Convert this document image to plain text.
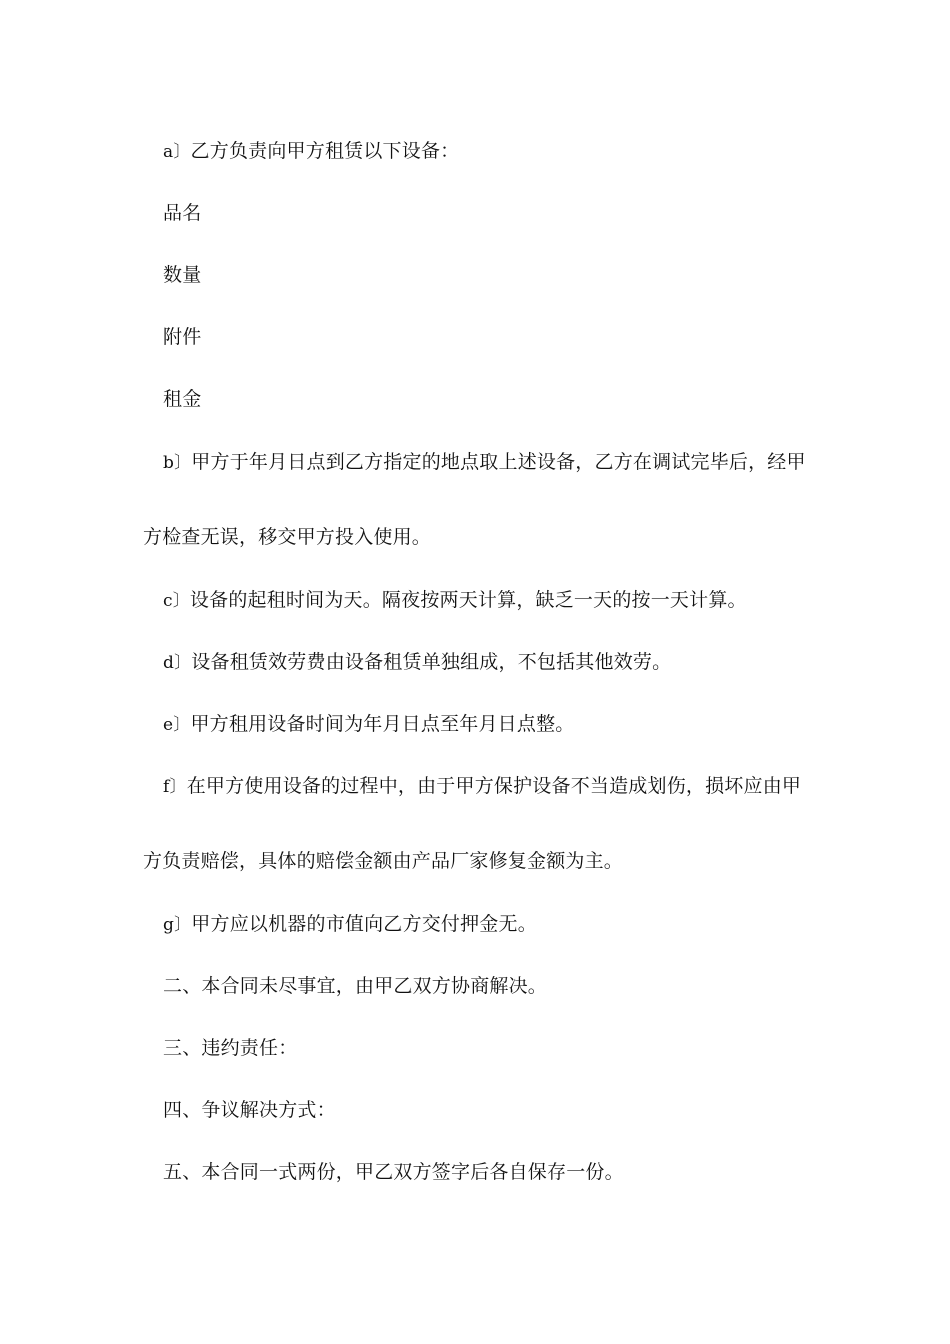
a〕乙方负责向甲方租赁以下设备：
品名
数量
附件
租金
b〕甲方于年月日点到乙方指定的地点取上述设备，乙方在调试完毕后，经甲
方检查无误，移交甲方投入使用。
c〕设备的起租时间为天。隔夜按两天计算，缺乏一天的按一天计算。
d〕设备租赁效劳费由设备租赁单独组成，不包括其他效劳。
e〕甲方租用设备时间为年月日点至年月日点整。
f〕在甲方使用设备的过程中，由于甲方保护设备不当造成划伤，损坏应由甲
方负责赔偿，具体的赔偿金额由产品厂家修复金额为主。
g〕甲方应以机器的市值向乙方交付押金无。
二、本合同未尽事宜，由甲乙双方协商解决。
三、违约责任：
四、争议解决方式：
五、本合同一式两份，甲乙双方签字后各自保存一份。
